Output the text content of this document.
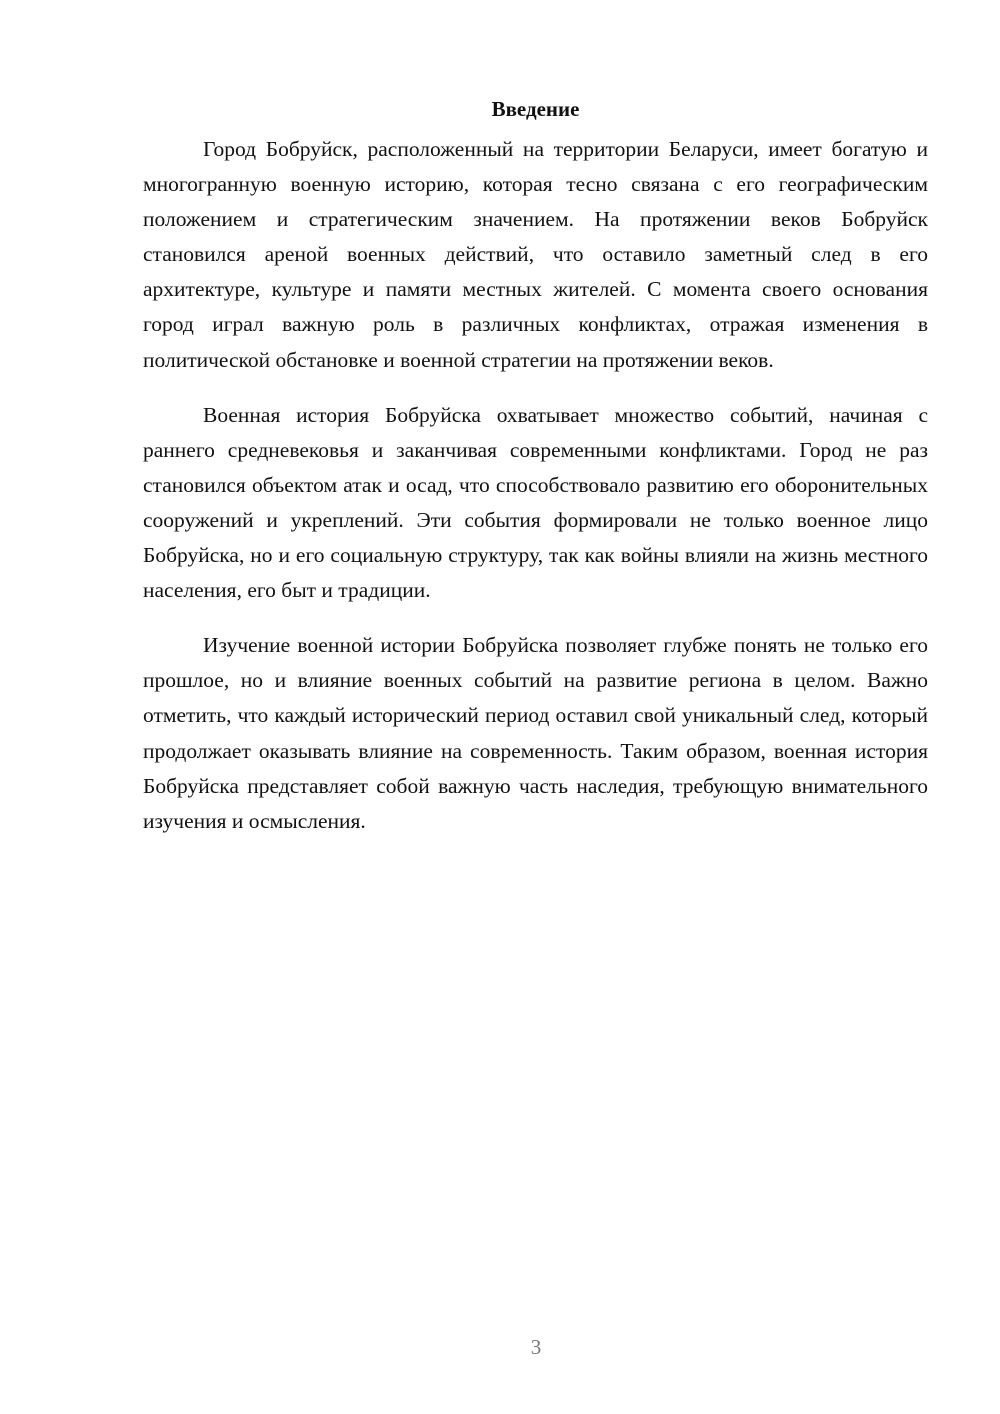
Введение

Город Бобруйск, расположенный на территории Беларуси, имеет богатую и многогранную военную историю, которая тесно связана с его географическим положением и стратегическим значением. На протяжении веков Бобруйск становился ареной военных действий, что оставило заметный след в его архитектуре, культуре и памяти местных жителей. С момента своего основания город играл важную роль в различных конфликтах, отражая изменения в политической обстановке и военной стратегии на протяжении веков.

Военная история Бобруйска охватывает множество событий, начиная с раннего средневековья и заканчивая современными конфликтами. Город не раз становился объектом атак и осад, что способствовало развитию его оборонительных сооружений и укреплений. Эти события формировали не только военное лицо Бобруйска, но и его социальную структуру, так как войны влияли на жизнь местного населения, его быт и традиции.

Изучение военной истории Бобруйска позволяет глубже понять не только его прошлое, но и влияние военных событий на развитие региона в целом. Важно отметить, что каждый исторический период оставил свой уникальный след, который продолжает оказывать влияние на современность. Таким образом, военная история Бобруйска представляет собой важную часть наследия, требующую внимательного изучения и осмысления.

3
